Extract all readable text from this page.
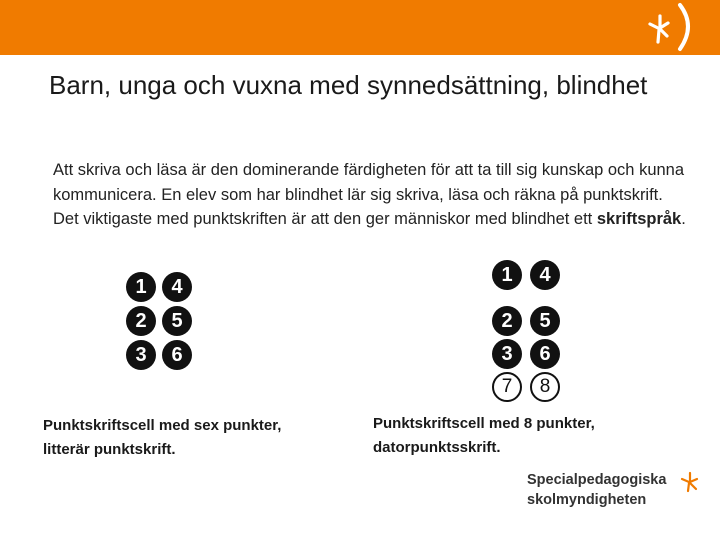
Barn, unga och vuxna med synnedsättning, blindhet
Att skriva och läsa är den dominerande färdigheten för att ta till sig kunskap och kunna kommunicera. En elev som har blindhet lär sig skriva, läsa och räkna på punktskrift. Det viktigaste med punktskriften är att den ger människor med blindhet ett skriftspråk.
1	4
2	5
3	6
1	4
2	5
3	6
7	8
Punktskriftscell med sex punkter,
litterär punktskrift.
Punktskriftscell med 8 punkter,
datorpunktsskrift.
Specialpedagogiska
skolmyndigheten
